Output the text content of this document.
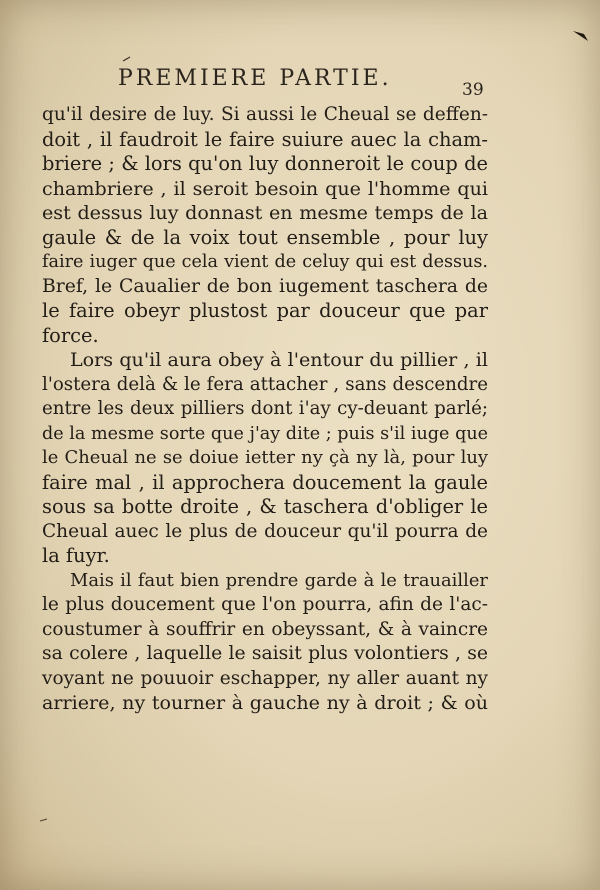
PREMIERE PARTIE.	39
qu'il desire de luy. Si aussi le Cheual se deffen-
doit , il faudroit le faire suiure auec la cham-
briere ; & lors qu'on luy donneroit le coup de
chambriere , il seroit besoin que l'homme qui
est dessus luy donnast en mesme temps de la
gaule & de la voix tout ensemble , pour luy
faire iuger que cela vient de celuy qui est dessus.
Bref, le Caualier de bon iugement taschera de
le faire obeyr plustost par douceur que par
force.
Lors qu'il aura obey à l'entour du pillier , il
l'ostera delà & le fera attacher , sans descendre
entre les deux pilliers dont i'ay cy-deuant parlé;
de la mesme sorte que j'ay dite ; puis s'il iuge que
le Cheual ne se doiue ietter ny çà ny là, pour luy
faire mal , il approchera doucement la gaule
sous sa botte droite , & taschera d'obliger le
Cheual auec le plus de douceur qu'il pourra de
la fuyr.
Mais il faut bien prendre garde à le trauailler
le plus doucement que l'on pourra, afin de l'ac-
coustumer à souffrir en obeyssant, & à vaincre
sa colere , laquelle le saisit plus volontiers , se
voyant ne pouuoir eschapper, ny aller auant ny
arriere, ny tourner à gauche ny à droit ; & où
